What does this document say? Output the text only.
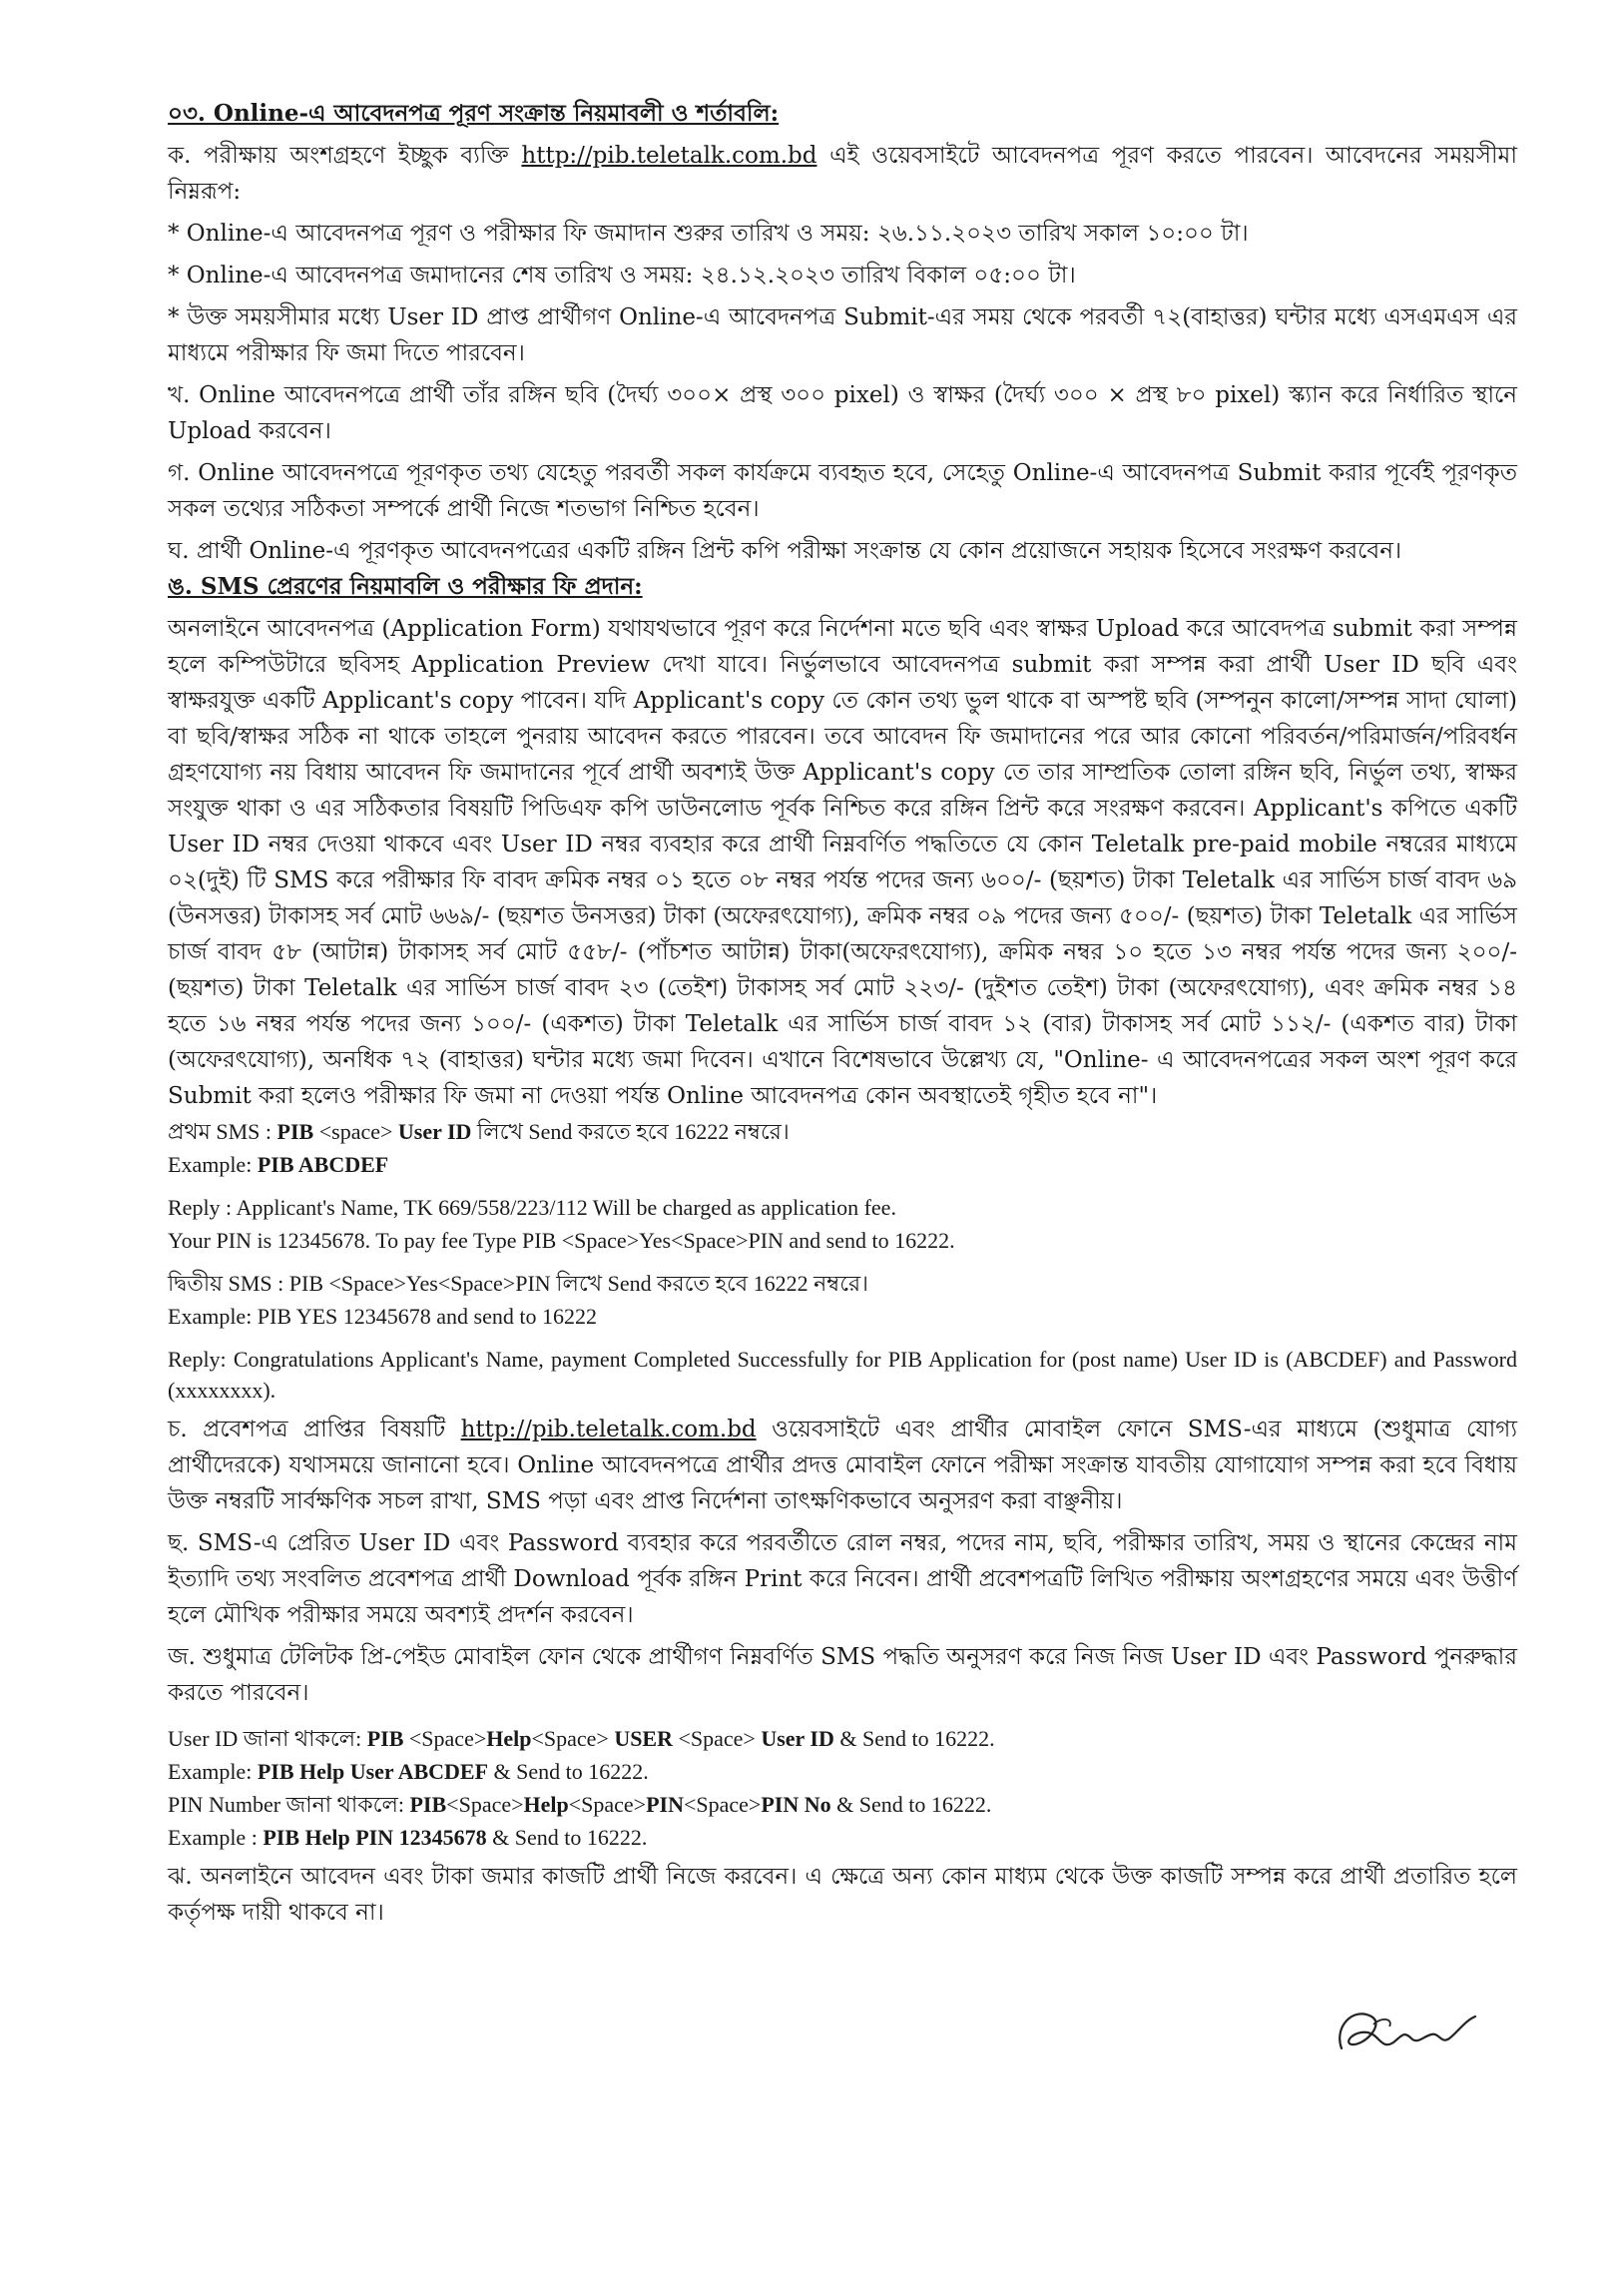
০৩. Online-এ আবেদনপত্র পূরণ সংক্রান্ত নিয়মাবলী ও শর্তাবলি:

ক. পরীক্ষায় অংশগ্রহণে ইচ্ছুক ব্যক্তি http://pib.teletalk.com.bd এই ওয়েবসাইটে আবেদনপত্র পূরণ করতে পারবেন। আবেদনের সময়সীমা নিম্নরূপ:

* Online-এ আবেদনপত্র পূরণ ও পরীক্ষার ফি জমাদান শুরুর তারিখ ও সময়: ২৬.১১.২০২৩ তারিখ সকাল ১০:০০ টা।

* Online-এ আবেদনপত্র জমাদানের শেষ তারিখ ও সময়: ২৪.১২.২০২৩ তারিখ বিকাল ০৫:০০ টা।

* উক্ত সময়সীমার মধ্যে User ID প্রাপ্ত প্রার্থীগণ Online-এ আবেদনপত্র Submit-এর সময় থেকে পরবর্তী ৭২(বাহাত্তর) ঘন্টার মধ্যে এসএমএস এর মাধ্যমে পরীক্ষার ফি জমা দিতে পারবেন।

খ. Online আবেদনপত্রে প্রার্থী তাঁর রঙ্গিন ছবি (দৈর্ঘ্য ৩০০× প্রস্থ ৩০০ pixel) ও স্বাক্ষর (দৈর্ঘ্য ৩০০ × প্রস্থ ৮০ pixel) স্ক্যান করে নির্ধারিত স্থানে Upload করবেন।

গ. Online আবেদনপত্রে পূরণকৃত তথ্য যেহেতু পরবর্তী সকল কার্যক্রমে ব্যবহৃত হবে, সেহেতু Online-এ আবেদনপত্র Submit করার পূর্বেই পূরণকৃত সকল তথ্যের সঠিকতা সম্পর্কে প্রার্থী নিজে শতভাগ নিশ্চিত হবেন।

ঘ. প্রার্থী Online-এ পূরণকৃত আবেদনপত্রের একটি রঙ্গিন প্রিন্ট কপি পরীক্ষা সংক্রান্ত যে কোন প্রয়োজনে সহায়ক হিসেবে সংরক্ষণ করবেন।

ঙ. SMS প্রেরণের নিয়মাবলি ও পরীক্ষার ফি প্রদান:

অনলাইনে আবেদনপত্র (Application Form) যথাযথভাবে পূরণ করে নির্দেশনা মতে ছবি এবং স্বাক্ষর Upload করে আবেদপত্র submit করা সম্পন্ন হলে কম্পিউটারে ছবিসহ Application Preview দেখা যাবে। নির্ভুলভাবে আবেদনপত্র submit করা সম্পন্ন করা প্রার্থী User ID ছবি এবং স্বাক্ষরযুক্ত একটি Applicant's copy পাবেন। যদি Applicant's copy তে কোন তথ্য ভুল থাকে বা অস্পষ্ট ছবি (সম্পনুন কালো/সম্পন্ন সাদা ঘোলা) বা ছবি/স্বাক্ষর সঠিক না থাকে তাহলে পুনরায় আবেদন করতে পারবেন। তবে আবেদন ফি জমাদানের পরে আর কোনো পরিবর্তন/পরিমার্জন/পরিবর্ধন গ্রহণযোগ্য নয় বিধায় আবেদন ফি জমাদানের পূর্বে প্রার্থী অবশ্যই উক্ত Applicant's copy তে তার সাম্প্রতিক তোলা রঙ্গিন ছবি, নির্ভুল তথ্য, স্বাক্ষর সংযুক্ত থাকা ও এর সঠিকতার বিষয়টি পিডিএফ কপি ডাউনলোড পূর্বক নিশ্চিত করে রঙ্গিন প্রিন্ট করে সংরক্ষণ করবেন। Applicant's কপিতে একটি User ID নম্বর দেওয়া থাকবে এবং User ID নম্বর ব্যবহার করে প্রার্থী নিম্নবর্ণিত পদ্ধতিতে যে কোন Teletalk pre-paid mobile নম্বরের মাধ্যমে ০২(দুই) টি SMS করে পরীক্ষার ফি বাবদ ক্রমিক নম্বর ০১ হতে ০৮ নম্বর পর্যন্ত পদের জন্য ৬০০/- (ছয়শত) টাকা Teletalk এর সার্ভিস চার্জ বাবদ ৬৯ (উনসত্তর) টাকাসহ সর্ব মোট ৬৬৯/- (ছয়শত উনসত্তর) টাকা (অফেরৎযোগ্য), ক্রমিক নম্বর ০৯ পদের জন্য ৫০০/- (ছয়শত) টাকা Teletalk এর সার্ভিস চার্জ বাবদ ৫৮ (আটান্ন) টাকাসহ সর্ব মোট ৫৫৮/- (পাঁচশত আটান্ন) টাকা(অফেরৎযোগ্য), ক্রমিক নম্বর ১০ হতে ১৩ নম্বর পর্যন্ত পদের জন্য ২০০/- (ছয়শত) টাকা Teletalk এর সার্ভিস চার্জ বাবদ ২৩ (তেইশ) টাকাসহ সর্ব মোট ২২৩/- (দুইশত তেইশ) টাকা (অফেরৎযোগ্য), এবং ক্রমিক নম্বর ১৪ হতে ১৬ নম্বর পর্যন্ত পদের জন্য ১০০/- (একশত) টাকা Teletalk এর সার্ভিস চার্জ বাবদ ১২ (বার) টাকাসহ সর্ব মোট ১১২/- (একশত বার) টাকা (অফেরৎযোগ্য), অনধিক ৭২ (বাহাত্তর) ঘন্টার মধ্যে জমা দিবেন। এখানে বিশেষভাবে উল্লেখ্য যে, "Online- এ আবেদনপত্রের সকল অংশ পূরণ করে Submit করা হলেও পরীক্ষার ফি জমা না দেওয়া পর্যন্ত Online আবেদনপত্র কোন অবস্থাতেই গৃহীত হবে না"।

প্রথম SMS : PIB <space> User ID লিখে Send করতে হবে 16222 নম্বরে।

Example: PIB ABCDEF

Reply : Applicant's Name, TK 669/558/223/112 Will be charged as application fee.

Your PIN is 12345678. To pay fee Type PIB <Space>Yes<Space>PIN and send to 16222.

দ্বিতীয় SMS : PIB <Space>Yes<Space>PIN লিখে Send করতে হবে 16222 নম্বরে।

Example: PIB YES 12345678 and send to 16222

Reply: Congratulations Applicant's Name, payment Completed Successfully for PIB Application for (post name) User ID is (ABCDEF) and Password (xxxxxxxx).

চ. প্রবেশপত্র প্রাপ্তির বিষয়টি http://pib.teletalk.com.bd ওয়েবসাইটে এবং প্রার্থীর মোবাইল ফোনে SMS-এর মাধ্যমে (শুধুমাত্র যোগ্য প্রার্থীদেরকে) যথাসময়ে জানানো হবে। Online আবেদনপত্রে প্রার্থীর প্রদত্ত মোবাইল ফোনে পরীক্ষা সংক্রান্ত যাবতীয় যোগাযোগ সম্পন্ন করা হবে বিধায় উক্ত নম্বরটি সার্বক্ষণিক সচল রাখা, SMS পড়া এবং প্রাপ্ত নির্দেশনা তাৎক্ষণিকভাবে অনুসরণ করা বাঞ্ছনীয়।

ছ. SMS-এ প্রেরিত User ID এবং Password ব্যবহার করে পরবর্তীতে রোল নম্বর, পদের নাম, ছবি, পরীক্ষার তারিখ, সময় ও স্থানের কেন্দ্রের নাম ইত্যাদি তথ্য সংবলিত প্রবেশপত্র প্রার্থী Download পূর্বক রঙ্গিন Print করে নিবেন। প্রার্থী প্রবেশপত্রটি লিখিত পরীক্ষায় অংশগ্রহণের সময়ে এবং উত্তীর্ণ হলে মৌখিক পরীক্ষার সময়ে অবশ্যই প্রদর্শন করবেন।

জ. শুধুমাত্র টেলিটক প্রি-পেইড মোবাইল ফোন থেকে প্রার্থীগণ নিম্নবর্ণিত SMS পদ্ধতি অনুসরণ করে নিজ নিজ User ID এবং Password পুনরুদ্ধার করতে পারবেন।

User ID জানা থাকলে: PIB <Space>Help<Space> USER <Space> User ID & Send to 16222.

Example: PIB Help User ABCDEF & Send to 16222.

PIN Number জানা থাকলে: PIB<Space>Help<Space>PIN<Space>PIN No & Send to 16222.

Example : PIB Help PIN 12345678 & Send to 16222.

ঝ. অনলাইনে আবেদন এবং টাকা জমার কাজটি প্রার্থী নিজে করবেন। এ ক্ষেত্রে অন্য কোন মাধ্যম থেকে উক্ত কাজটি সম্পন্ন করে প্রার্থী প্রতারিত হলে কর্তৃপক্ষ দায়ী থাকবে না।
